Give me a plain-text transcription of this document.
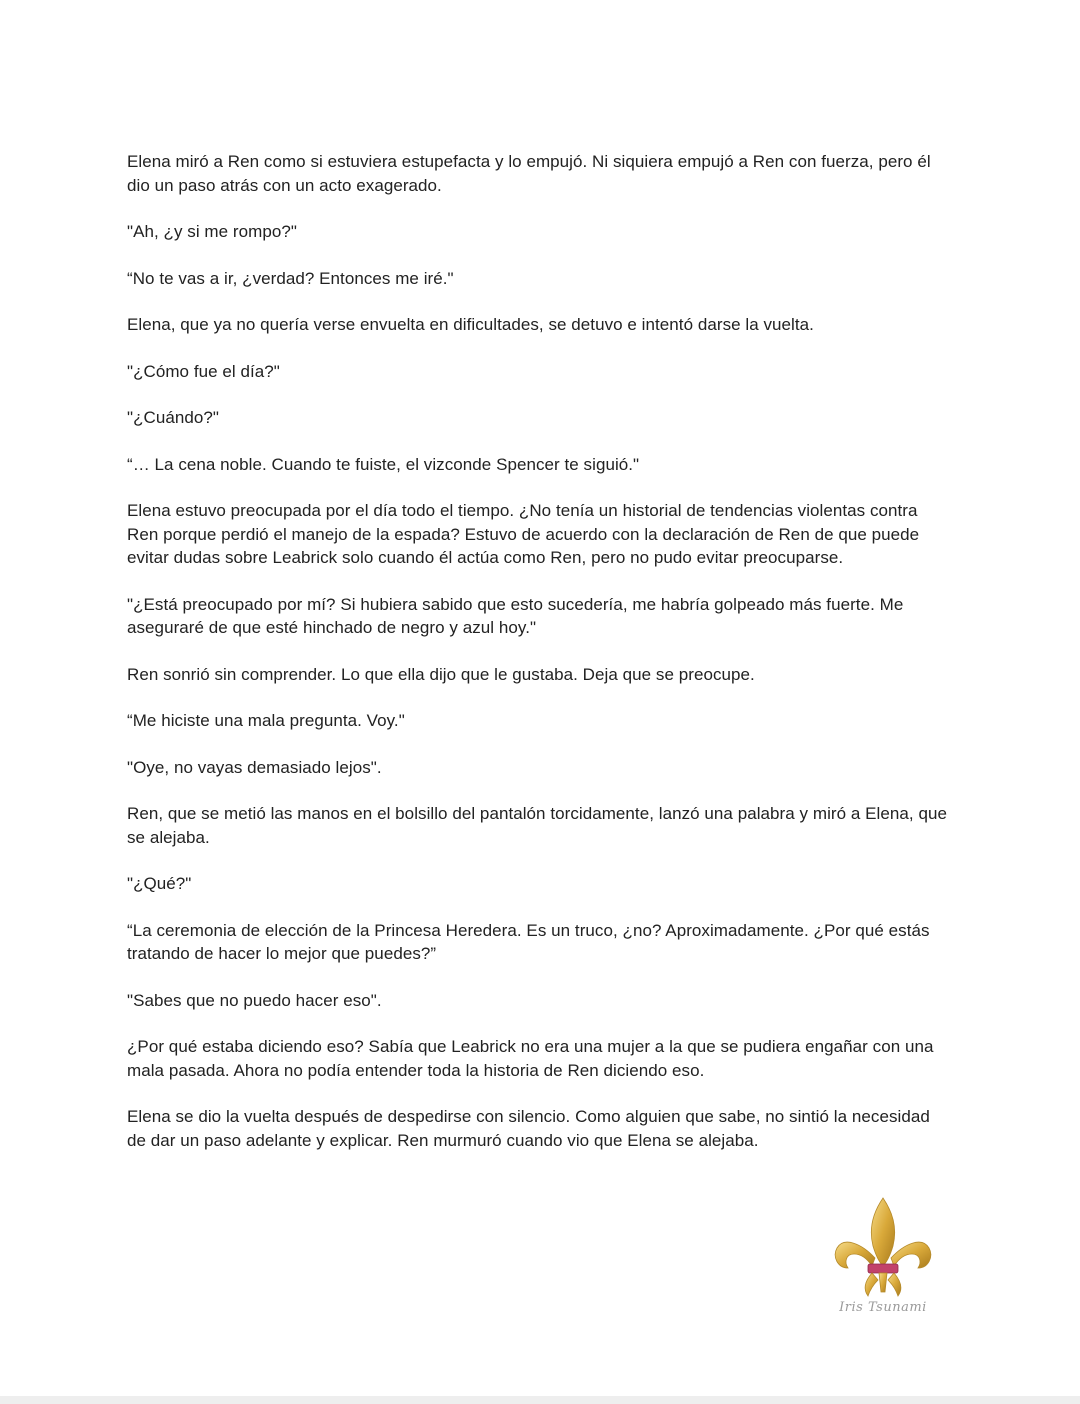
Elena miró a Ren como si estuviera estupefacta y lo empujó. Ni siquiera empujó a Ren con fuerza, pero él dio un paso atrás con un acto exagerado.

"Ah, ¿y si me rompo?"

“No te vas a ir, ¿verdad? Entonces me iré."

Elena, que ya no quería verse envuelta en dificultades, se detuvo e intentó darse la vuelta.

"¿Cómo fue el día?"

"¿Cuándo?"

“… La cena noble. Cuando te fuiste, el vizconde Spencer te siguió."

Elena estuvo preocupada por el día todo el tiempo. ¿No tenía un historial de tendencias violentas contra Ren porque perdió el manejo de la espada? Estuvo de acuerdo con la declaración de Ren de que puede evitar dudas sobre Leabrick solo cuando él actúa como Ren, pero no pudo evitar preocuparse.

"¿Está preocupado por mí? Si hubiera sabido que esto sucedería, me habría golpeado más fuerte. Me aseguraré de que esté hinchado de negro y azul hoy."

Ren sonrió sin comprender. Lo que ella dijo que le gustaba. Deja que se preocupe.

“Me hiciste una mala pregunta. Voy."

"Oye, no vayas demasiado lejos".

Ren, que se metió las manos en el bolsillo del pantalón torcidamente, lanzó una palabra y miró a Elena, que se alejaba.

"¿Qué?"

“La ceremonia de elección de la Princesa Heredera. Es un truco, ¿no? Aproximadamente. ¿Por qué estás tratando de hacer lo mejor que puedes?”

"Sabes que no puedo hacer eso".

¿Por qué estaba diciendo eso? Sabía que Leabrick no era una mujer a la que se pudiera engañar con una mala pasada. Ahora no podía entender toda la historia de Ren diciendo eso.

Elena se dio la vuelta después de despedirse con silencio. Como alguien que sabe, no sintió la necesidad de dar un paso adelante y explicar. Ren murmuró cuando vio que Elena se alejaba.

Iris Tsunami
